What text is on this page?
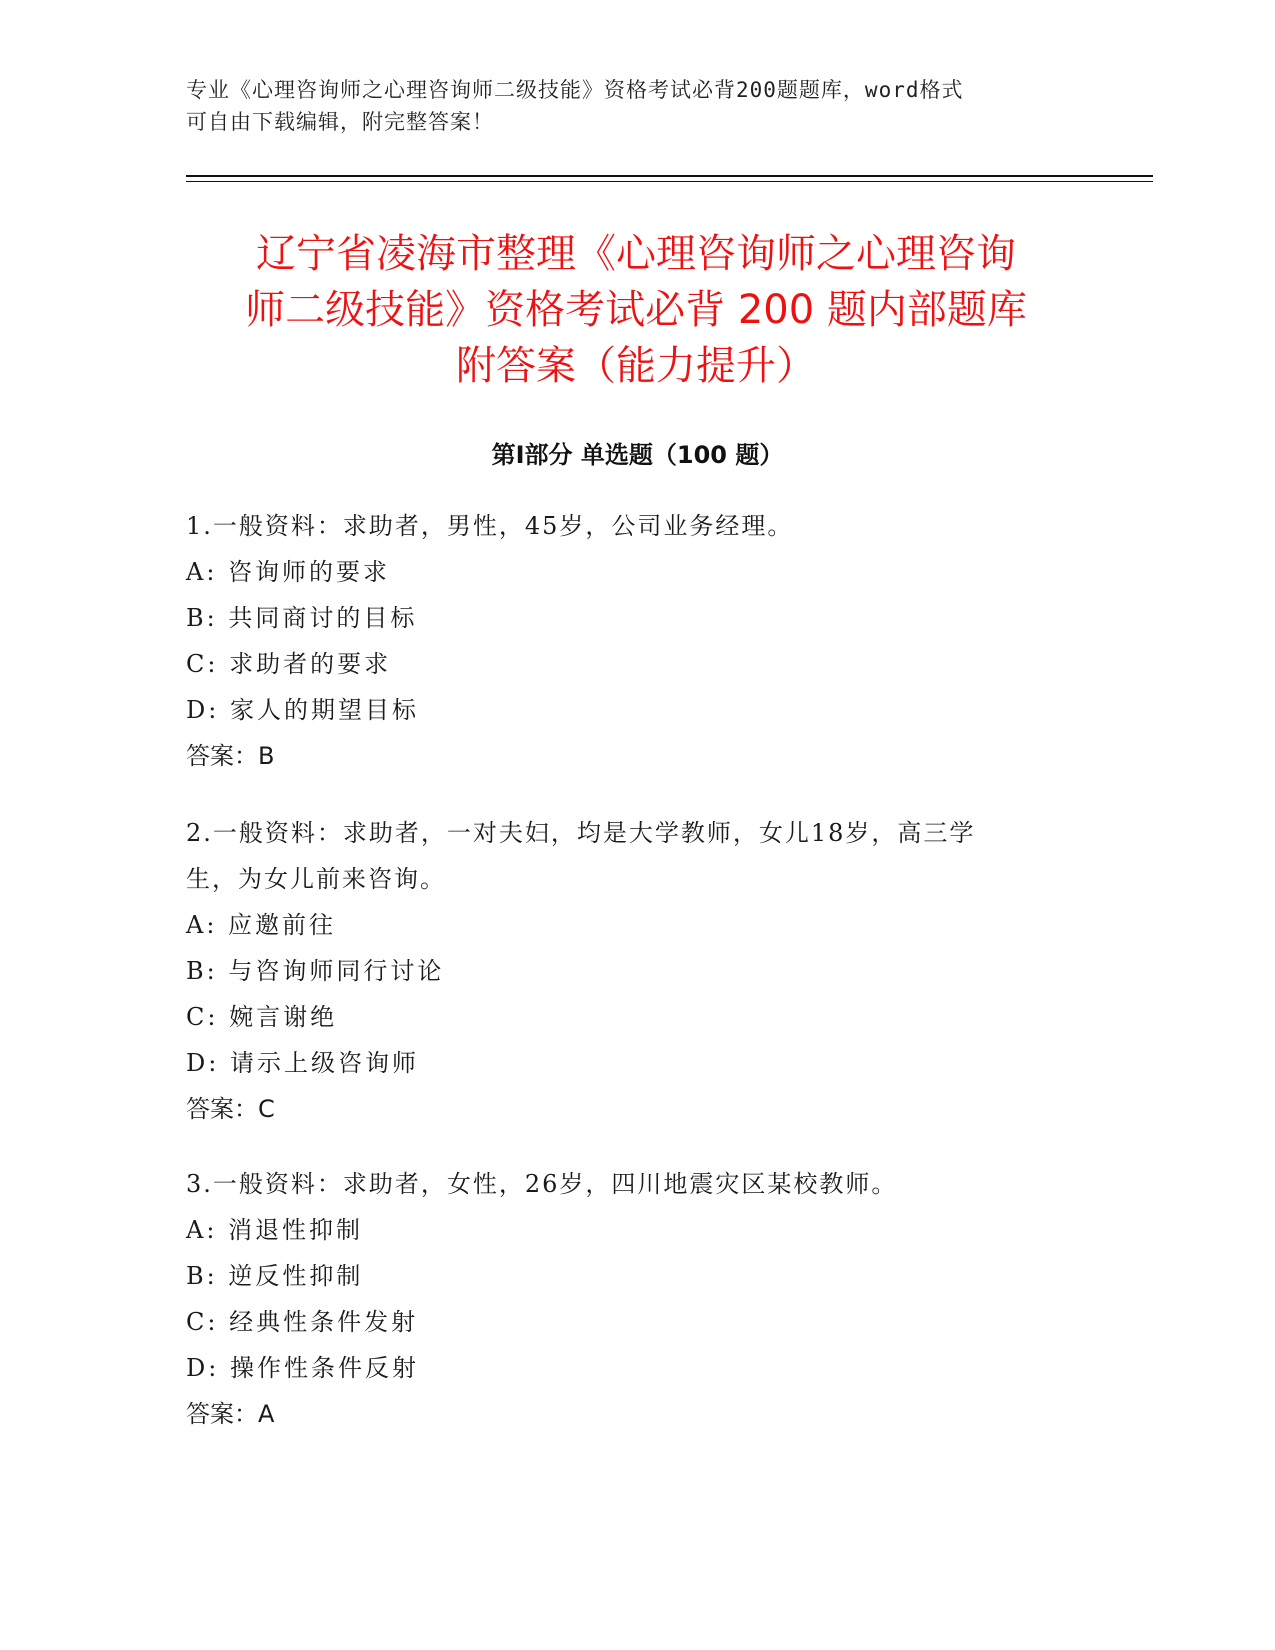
专业《心理咨询师之心理咨询师二级技能》资格考试必背200题题库，word格式
可自由下载编辑，附完整答案！
辽宁省凌海市整理《心理咨询师之心理咨询
师二级技能》资格考试必背 200 题内部题库
附答案（能力提升）
第Ⅰ部分 单选题（100 题）
1.一般资料：求助者，男性，45岁，公司业务经理。
A: 咨询师的要求
B: 共同商讨的目标
C: 求助者的要求
D: 家人的期望目标
答案：B
2.一般资料：求助者，一对夫妇，均是大学教师，女儿18岁，高三学
生，为女儿前来咨询。
A: 应邀前往
B: 与咨询师同行讨论
C: 婉言谢绝
D: 请示上级咨询师
答案：C
3.一般资料：求助者，女性，26岁，四川地震灾区某校教师。
A: 消退性抑制
B: 逆反性抑制
C: 经典性条件发射
D: 操作性条件反射
答案：A
